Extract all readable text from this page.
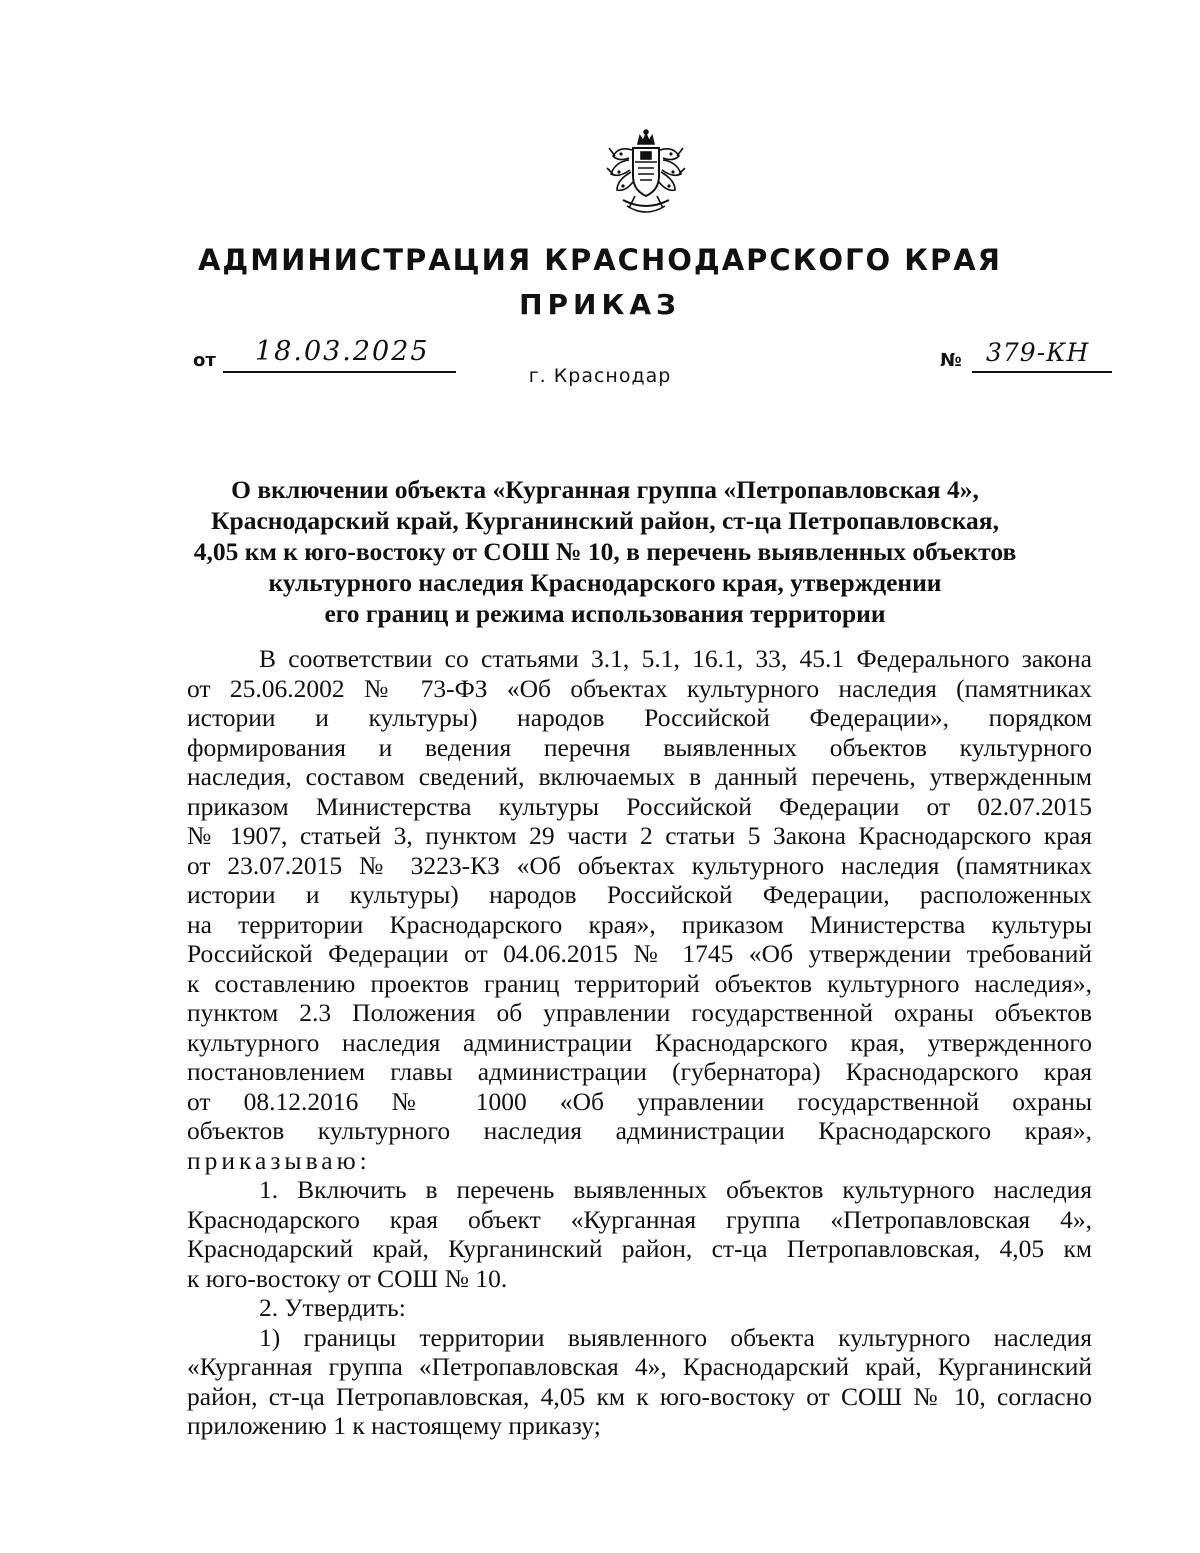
АДМИНИСТРАЦИЯ КРАСНОДАРСКОГО КРАЯ
ПРИКАЗ
от 18.03.2025	№ 379-КН
г. Краснодар
О включении объекта «Курганная группа «Петропавловская 4»,
Краснодарский край, Курганинский район, ст-ца Петропавловская,
4,05 км к юго-востоку от СОШ № 10, в перечень выявленных объектов
культурного наследия Краснодарского края, утверждении
его границ и режима использования территории
В соответствии со статьями 3.1, 5.1, 16.1, 33, 45.1 Федерального закона
от 25.06.2002 № 73-ФЗ «Об объектах культурного наследия (памятниках
истории и культуры) народов Российской Федерации», порядком
формирования и ведения перечня выявленных объектов культурного
наследия, составом сведений, включаемых в данный перечень, утвержденным
приказом Министерства культуры Российской Федерации от 02.07.2015
№ 1907, статьей 3, пунктом 29 части 2 статьи 5 Закона Краснодарского края
от 23.07.2015 № 3223-КЗ «Об объектах культурного наследия (памятниках
истории и культуры) народов Российской Федерации, расположенных
на территории Краснодарского края», приказом Министерства культуры
Российской Федерации от 04.06.2015 № 1745 «Об утверждении требований
к составлению проектов границ территорий объектов культурного наследия»,
пунктом 2.3 Положения об управлении государственной охраны объектов
культурного наследия администрации Краснодарского края, утвержденного
постановлением главы администрации (губернатора) Краснодарского края
от 08.12.2016 № 1000 «Об управлении государственной охраны
объектов культурного наследия администрации Краснодарского края»,
приказываю:
1. Включить в перечень выявленных объектов культурного наследия
Краснодарского края объект «Курганная группа «Петропавловская 4»,
Краснодарский край, Курганинский район, ст-ца Петропавловская, 4,05 км
к юго-востоку от СОШ № 10.
2. Утвердить:
1) границы территории выявленного объекта культурного наследия
«Курганная группа «Петропавловская 4», Краснодарский край, Курганинский
район, ст-ца Петропавловская, 4,05 км к юго-востоку от СОШ № 10, согласно
приложению 1 к настоящему приказу;
